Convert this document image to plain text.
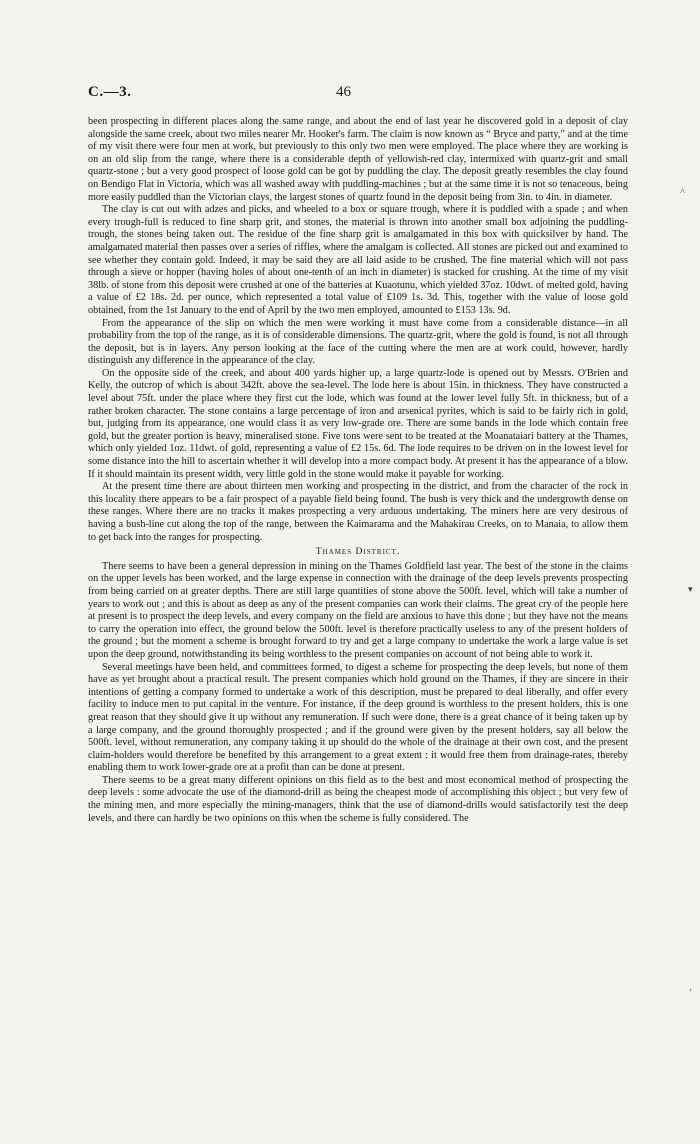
C.—3.	46

been prospecting in different places along the same range, and about the end of last year he discovered gold in a deposit of clay alongside the same creek, about two miles nearer Mr. Hooker's farm. The claim is now known as “ Bryce and party,” and at the time of my visit there were four men at work, but previously to this only two men were employed. The place where they are working is on an old slip from the range, where there is a considerable depth of yellowish-red clay, intermixed with quartz-grit and small quartz-stone ; but a very good prospect of loose gold can be got by puddling the clay. The deposit greatly resembles the clay found on Bendigo Flat in Victoria, which was all washed away with puddling-machines ; but at the same time it is not so tenaceous, being more easily puddled than the Victorian clays, the largest stones of quartz found in the deposit being from 3in. to 4in. in diameter.

The clay is cut out with adzes and picks, and wheeled to a box or square trough, where it is puddled with a spade ; and when every trough-full is reduced to fine sharp grit, and stones, the material is thrown into another small box adjoining the puddling-trough, the stones being taken out. The residue of the fine sharp grit is amalgamated in this box with quicksilver by hand. The amalgamated material then passes over a series of riffles, where the amalgam is collected. All stones are picked out and examined to see whether they contain gold. Indeed, it may be said they are all laid aside to be crushed. The fine material which will not pass through a sieve or hopper (having holes of about one-tenth of an inch in diameter) is stacked for crushing. At the time of my visit 38lb. of stone from this deposit were crushed at one of the batteries at Kuaotunu, which yielded 37oz. 10dwt. of melted gold, having a value of £2 18s. 2d. per ounce, which represented a total value of £109 1s. 3d. This, together with the value of loose gold obtained, from the 1st January to the end of April by the two men employed, amounted to £153 13s. 9d.

From the appearance of the slip on which the men were working it must have come from a considerable distance—in all probability from the top of the range, as it is of considerable dimensions. The quartz-grit, where the gold is found, is not all through the deposit, but is in layers. Any person looking at the face of the cutting where the men are at work could, however, hardly distinguish any difference in the appearance of the clay.

On the opposite side of the creek, and about 400 yards higher up, a large quartz-lode is opened out by Messrs. O'Brien and Kelly, the outcrop of which is about 342ft. above the sea-level. The lode here is about 15in. in thickness. They have constructed a level about 75ft. under the place where they first cut the lode, which was found at the lower level fully 5ft. in thickness, but of a rather broken character. The stone contains a large percentage of iron and arsenical pyrites, which is said to be fairly rich in gold, but, judging from its appearance, one would class it as very low-grade ore. There are some bands in the lode which contain free gold, but the greater portion is heavy, mineralised stone. Five tons were sent to be treated at the Moanataiari battery at the Thames, which only yielded 1oz. 11dwt. of gold, representing a value of £2 15s. 6d. The lode requires to be driven on in the lowest level for some distance into the hill to ascertain whether it will develop into a more compact body. At present it has the appearance of a blow. If it should maintain its present width, very little gold in the stone would make it payable for working.

At the present time there are about thirteen men working and prospecting in the district, and from the character of the rock in this locality there appears to be a fair prospect of a payable field being found. The bush is very thick and the undergrowth dense on these ranges. Where there are no tracks it makes prospecting a very arduous undertaking. The miners here are very desirous of having a bush-line cut along the top of the range, between the Kaimarama and the Mahakirau Creeks, on to Manaia, to allow them to get back into the ranges for prospecting.

Thames District.

There seems to have been a general depression in mining on the Thames Goldfield last year. The best of the stone in the claims on the upper levels has been worked, and the large expense in connection with the drainage of the deep levels prevents prospecting from being carried on at greater depths. There are still large quantities of stone above the 500ft. level, which will take a number of years to work out ; and this is about as deep as any of the present companies can work their claims. The great cry of the people here at present is to prospect the deep levels, and every company on the field are anxious to have this done ; but they have not the means to carry the operation into effect, the ground below the 500ft. level is therefore practically useless to any of the present holders of the ground ; but the moment a scheme is brought forward to try and get a large company to undertake the work a large value is set upon the deep ground, notwithstanding its being worthless to the present companies on account of not being able to work it.

Several meetings have been held, and committees formed, to digest a scheme for prospecting the deep levels, but none of them have as yet brought about a practical result. The present companies which hold ground on the Thames, if they are sincere in their intentions of getting a company formed to undertake a work of this description, must be prepared to deal liberally, and offer every facility to induce men to put capital in the venture. For instance, if the deep ground is worthless to the present holders, this is one great reason that they should give it up without any remuneration. If such were done, there is a great chance of it being taken up by a large company, and the ground thoroughly prospected ; and if the ground were given by the present holders, say all below the 500ft. level, without remuneration, any company taking it up should do the whole of the drainage at their own cost, and the present claim-holders would therefore be benefited by this arrangement to a great extent : it would free them from drainage-rates, thereby enabling them to work lower-grade ore at a profit than can be done at present.

There seems to be a great many different opinions on this field as to the best and most economical method of prospecting the deep levels : some advocate the use of the diamond-drill as being the cheapest mode of accomplishing this object ; but very few of the mining men, and more especially the mining-managers, think that the use of diamond-drills would satisfactorily test the deep levels, and there can hardly be two opinions on this when the scheme is fully considered. The

˄
▾
ʳ
